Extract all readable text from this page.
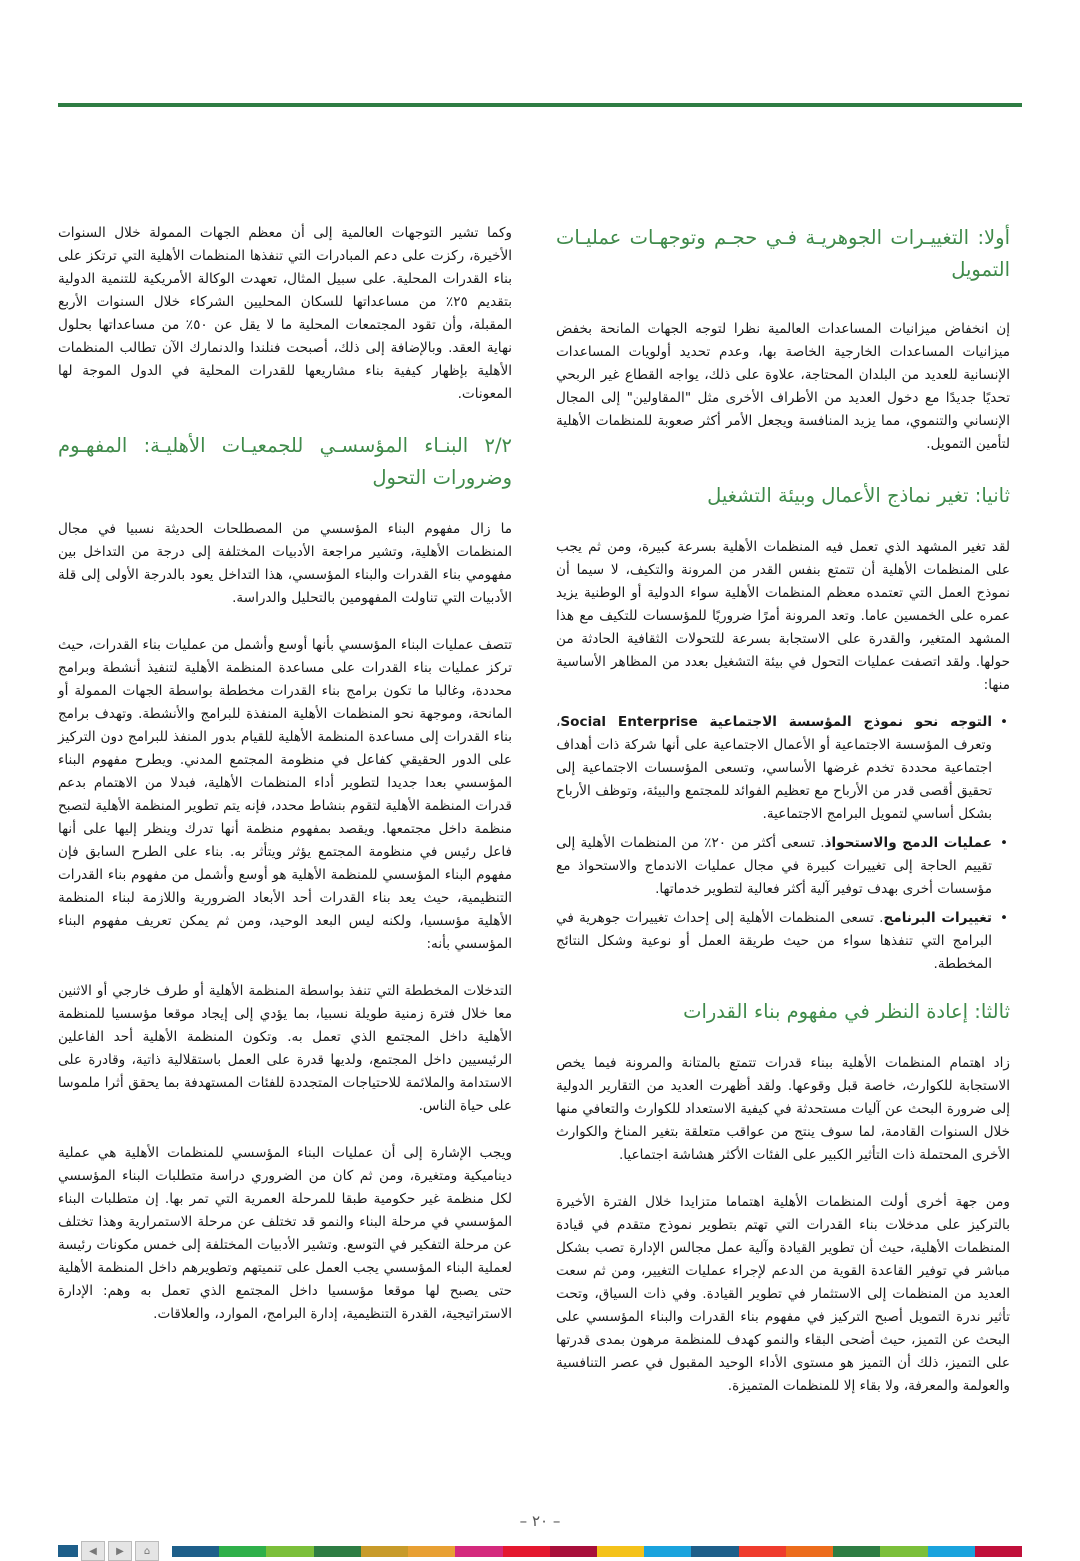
أولا: التغييـرات الجوهريـة فـي حجـم وتوجهـات عمليـات التمويل

إن انخفاض ميزانيات المساعدات العالمية نظرا لتوجه الجهات المانحة بخفض ميزانيات المساعدات الخارجية الخاصة بها، وعدم تحديد أولويات المساعدات الإنسانية للعديد من البلدان المحتاجة، علاوة على ذلك، يواجه القطاع غير الربحي تحديًا جديدًا مع دخول العديد من الأطراف الأخرى مثل "المقاولين" إلى المجال الإنساني والتنموي، مما يزيد المنافسة ويجعل الأمر أكثر صعوبة للمنظمات الأهلية لتأمين التمويل.

ثانيا: تغير نماذج الأعمال وبيئة التشغيل

لقد تغير المشهد الذي تعمل فيه المنظمات الأهلية بسرعة كبيرة، ومن ثم يجب على المنظمات الأهلية أن تتمتع بنفس القدر من المرونة والتكيف، لا سيما أن نموذج العمل التي تعتمده معظم المنظمات الأهلية سواء الدولية أو الوطنية يزيد عمره على الخمسين عاما. وتعد المرونة أمرًا ضروريًا للمؤسسات للتكيف مع هذا المشهد المتغير، والقدرة على الاستجابة بسرعة للتحولات الثقافية الحادثة من حولها. ولقد اتصفت عمليات التحول في بيئة التشغيل بعدد من المظاهر الأساسية منها:

•
التوجه نحو نموذج المؤسسة الاجتماعية Social Enterprise، وتعرف المؤسسة الاجتماعية أو الأعمال الاجتماعية على أنها شركة ذات أهداف اجتماعية محددة تخدم غرضها الأساسي، وتسعى المؤسسات الاجتماعية إلى تحقيق أقصى قدر من الأرباح مع تعظيم الفوائد للمجتمع والبيئة، وتوظف الأرباح بشكل أساسي لتمويل البرامج الاجتماعية.
•
عمليات الدمج والاستحواذ. تسعى أكثر من ٢٠٪ من المنظمات الأهلية إلى تقييم الحاجة إلى تغييرات كبيرة في مجال عمليات الاندماج والاستحواذ مع مؤسسات أخرى بهدف توفير آلية أكثر فعالية لتطوير خدماتها.
•
تغييرات البرنامج. تسعى المنظمات الأهلية إلى إحداث تغييرات جوهرية في البرامج التي تنفذها سواء من حيث طريقة العمل أو نوعية وشكل النتائج المخططة.
ثالثا: إعادة النظر في مفهوم بناء القدرات

زاد اهتمام المنظمات الأهلية ببناء قدرات تتمتع بالمتانة والمرونة فيما يخص الاستجابة للكوارث، خاصة قبل وقوعها. ولقد أظهرت العديد من التقارير الدولية إلى ضرورة البحث عن آليات مستحدثة في كيفية الاستعداد للكوارث والتعافي منها خلال السنوات القادمة، لما سوف ينتج من عواقب متعلقة بتغير المناخ والكوارث الأخرى المحتملة ذات التأثير الكبير على الفئات الأكثر هشاشة اجتماعيا.

ومن جهة أخرى أولت المنظمات الأهلية اهتماما متزايدا خلال الفترة الأخيرة بالتركيز على مدخلات بناء القدرات التي تهتم بتطوير نموذج متقدم في قيادة المنظمات الأهلية، حيث أن تطوير القيادة وآلية عمل مجالس الإدارة تصب بشكل مباشر في توفير القاعدة القوية من الدعم لإجراء عمليات التغيير، ومن ثم سعت العديد من المنظمات إلى الاستثمار في تطوير القيادة. وفي ذات السياق، وتحت تأثير ندرة التمويل أصبح التركيز في مفهوم بناء القدرات والبناء المؤسسي على البحث عن التميز، حيث أضحى البقاء والنمو كهدف للمنظمة مرهون بمدى قدرتها على التميز، ذلك أن التميز هو مستوى الأداء الوحيد المقبول في عصر التنافسية والعولمة والمعرفة، ولا بقاء إلا للمنظمات المتميزة.

وكما تشير التوجهات العالمية إلى أن معظم الجهات الممولة خلال السنوات الأخيرة، ركزت على دعم المبادرات التي تنفذها المنظمات الأهلية التي ترتكز على بناء القدرات المحلية. على سبيل المثال، تعهدت الوكالة الأمريكية للتنمية الدولية بتقديم ٢٥٪ من مساعداتها للسكان المحليين الشركاء خلال السنوات الأربع المقبلة، وأن تقود المجتمعات المحلية ما لا يقل عن ٥٠٪ من مساعداتها بحلول نهاية العقد. وبالإضافة إلى ذلك، أصبحت فنلندا والدنمارك الآن تطالب المنظمات الأهلية بإظهار كيفية بناء مشاريعها للقدرات المحلية في الدول الموجة لها المعونات.

٢/٢ البنـاء المؤسسـي للجمعيـات الأهليـة: المفهـوم وضرورات التحول

ما زال مفهوم البناء المؤسسي من المصطلحات الحديثة نسبيا في مجال المنظمات الأهلية، وتشير مراجعة الأدبيات المختلفة إلى درجة من التداخل بين مفهومي بناء القدرات والبناء المؤسسي، هذا التداخل يعود بالدرجة الأولى إلى قلة الأدبيات التي تناولت المفهومين بالتحليل والدراسة.

تتصف عمليات البناء المؤسسي بأنها أوسع وأشمل من عمليات بناء القدرات، حيث تركز عمليات بناء القدرات على مساعدة المنظمة الأهلية لتنفيذ أنشطة وبرامج محددة، وغالبا ما تكون برامج بناء القدرات مخططة بواسطة الجهات الممولة أو المانحة، وموجهة نحو المنظمات الأهلية المنفذة للبرامج والأنشطة. وتهدف برامج بناء القدرات إلى مساعدة المنظمة الأهلية للقيام بدور المنفذ للبرامج دون التركيز على الدور الحقيقي كفاعل في منظومة المجتمع المدني. ويطرح مفهوم البناء المؤسسي بعدا جديدا لتطوير أداء المنظمات الأهلية، فبدلا من الاهتمام بدعم قدرات المنظمة الأهلية لتقوم بنشاط محدد، فإنه يتم تطوير المنظمة الأهلية لتصبح منظمة داخل مجتمعها. ويقصد بمفهوم منظمة أنها تدرك وينظر إليها على أنها فاعل رئيس في منظومة المجتمع يؤثر ويتأثر به. بناء على الطرح السابق فإن مفهوم البناء المؤسسي للمنظمة الأهلية هو أوسع وأشمل من مفهوم بناء القدرات التنظيمية، حيث يعد بناء القدرات أحد الأبعاد الضرورية واللازمة لبناء المنظمة الأهلية مؤسسيا، ولكنه ليس البعد الوحيد، ومن ثم يمكن تعريف مفهوم البناء المؤسسي بأنه:

التدخلات المخططة التي تنفذ بواسطة المنظمة الأهلية أو طرف خارجي أو الاثنين معا خلال فترة زمنية طويلة نسبيا، بما يؤدي إلى إيجاد موقعا مؤسسيا للمنظمة الأهلية داخل المجتمع الذي تعمل به. وتكون المنظمة الأهلية أحد الفاعلين الرئيسيين داخل المجتمع، ولديها قدرة على العمل باستقلالية ذاتية، وقادرة على الاستدامة والملائمة للاحتياجات المتجددة للفئات المستهدفة بما يحقق أثرا ملموسا على حياة الناس.

ويجب الإشارة إلى أن عمليات البناء المؤسسي للمنظمات الأهلية هي عملية ديناميكية ومتغيرة، ومن ثم كان من الضروري دراسة متطلبات البناء المؤسسي لكل منظمة غير حكومية طبقا للمرحلة العمرية التي تمر بها. إن متطلبات البناء المؤسسي في مرحلة البناء والنمو قد تختلف عن مرحلة الاستمرارية وهذا تختلف عن مرحلة التفكير في التوسع. وتشير الأدبيات المختلفة إلى خمس مكونات رئيسة لعملية البناء المؤسسي يجب العمل على تنميتهم وتطويرهم داخل المنظمة الأهلية حتى يصبح لها موقعا مؤسسيا داخل المجتمع الذي تعمل به وهم: الإدارة الاستراتيجية، القدرة التنظيمية، إدارة البرامج، الموارد، والعلاقات.

– ٢٠ –
◀	▶	⌂
